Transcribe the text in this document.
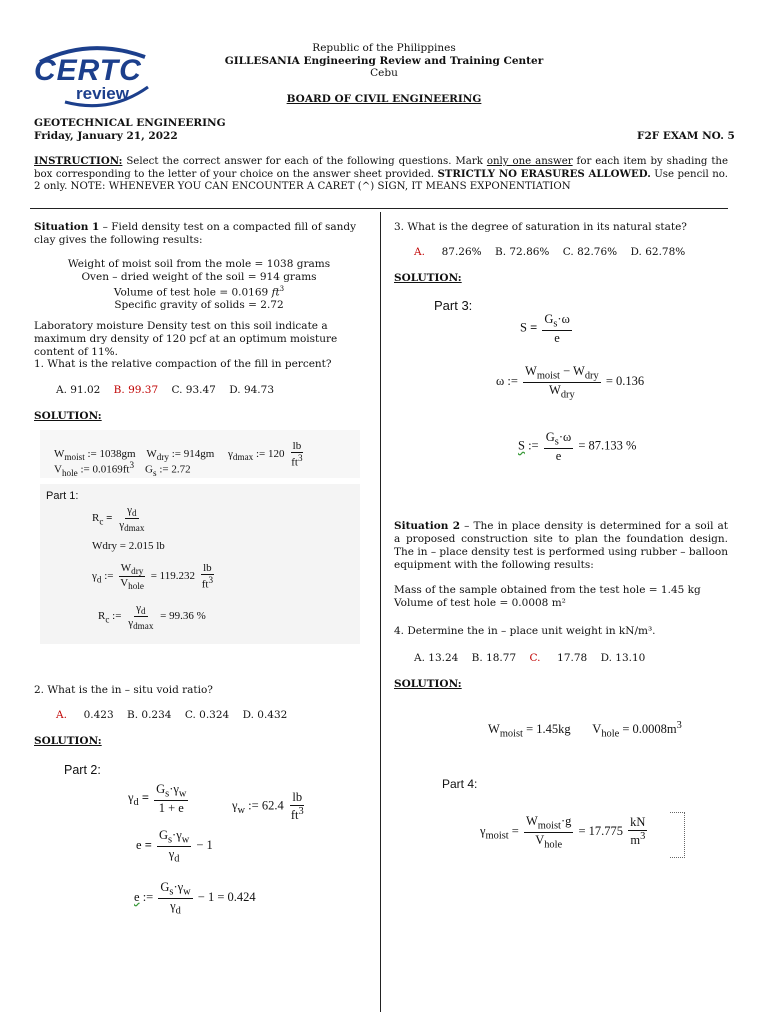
CERTC
review
Republic of the Philippines
GILLESANIA Engineering Review and Training Center
Cebu
BOARD OF CIVIL ENGINEERING
GEOTECHNICAL ENGINEERING
Friday, January 21, 2022	F2F EXAM NO. 5
INSTRUCTION: Select the correct answer for each of the following questions. Mark only one answer for each item by shading the box corresponding to the letter of your choice on the answer sheet provided. STRICTLY NO ERASURES ALLOWED. Use pencil no. 2 only. NOTE: WHENEVER YOU CAN ENCOUNTER A CARET (^) SIGN, IT MEANS EXPONENTIATION
Situation 1 – Field density test on a compacted fill of sandy clay gives the following results:
Weight of moist soil from the mole = 1038 grams
Oven – dried weight of the soil = 914 grams
Volume of test hole = 0.0169 $ft^3$
Specific gravity of solids = 2.72
Laboratory moisture Density test on this soil indicate a maximum dry density of 120 pcf at an optimum moisture content of 11%.
1. What is the relative compaction of the fill in percent?
A. 91.02 B. 99.37 C. 93.47 D. 94.73
SOLUTION:
$W_{moist}$ := 1038gm    $W_{dry}$ := 914gm     $\gamma_{dmax}$ := $120 \frac{lb}{ft^3}$
$V_{hole}$ := $0.0169ft^3$    $G_s$ := 2.72
Part 1:
$R_c = \frac{\gamma_d}{\gamma_{dmax}}$
Wdry = 2.015 lb
$\gamma_d$ := $\frac{W_{dry}}{V_{hole}} = 119.232 \frac{lb}{ft^3}$
$R_c$ := $\frac{\gamma_d}{\gamma_{dmax}} = 99.36$ %
2. What is the in – situ void ratio?
A.  0.423 B. 0.234 C. 0.324 D. 0.432
SOLUTION:
Part 2:
$\gamma_d = \frac{G_s\cdot\gamma_w}{1 + e}$	$\gamma_w$ := $62.4 \frac{lb}{ft^3}$
$e = \frac{G_s\cdot\gamma_w}{\gamma_d} - 1$
e := $\frac{G_s\cdot\gamma_w}{\gamma_d} - 1 = 0.424$
3. What is the degree of saturation in its natural state?
A.  87.26% B. 72.86% C. 82.76% D. 62.78%
SOLUTION:
Part 3:
$S = \frac{G_s\cdot\omega}{e}$
ω := $\frac{W_{moist} - W_{dry}}{W_{dry}} = 0.136$
S := $\frac{G_s\cdot\omega}{e} = 87.133$ %
Situation 2 – The in place density is determined for a soil at a proposed construction site to plan the foundation design. The in – place density test is performed using rubber – balloon equipment with the following results:
Mass of the sample obtained from the test hole = 1.45 kg
Volume of test hole = 0.0008 m²
4. Determine the in – place unit weight in kN/m³.
A. 13.24 B. 18.77 C.  17.78 D. 13.10
SOLUTION:
$W_{moist} = 1.45kg$       $V_{hole} = 0.0008m^3$
Part 4:
$\gamma_{moist} = \frac{W_{moist}\cdot g}{V_{hole}} = 17.775 \frac{kN}{m^3}$
